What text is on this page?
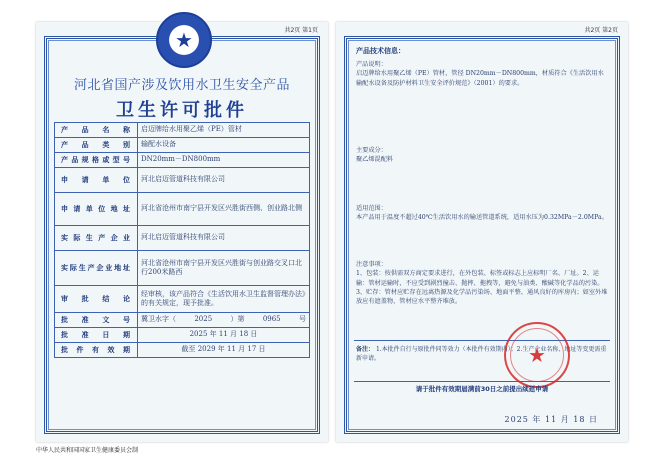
共2页 第1页
★
河北省国产涉及饮用水卫生安全产品
卫生许可批件
产 品 名 称	启迈牌给水用聚乙烯（PE）管材
产 品 类 别	输配水设备
产品规格或型号	DN20mm－DN800mm
申 请 单 位	河北启迈管道科技有限公司
申请单位地址	河北省沧州市南宁县开发区兴胜街西侧、创业路北侧
实际生产企业	河北启迈管道科技有限公司
实际生产企业地址	河北省沧州市南宁县开发区兴胜街与创业路交叉口北行200米路西
审 批 结 论	经审核，该产品符合《生活饮用水卫生监督管理办法》的有关规定，现予批准。
批 准 文 号	冀卫水字（ 2025 ）第 0965 号

批 准 日 期	2025 年 11 月 18 日
批 件 有 效 期	截至 2029 年 11 月 17 日
共2页 第2页
产品技术信息：
产品说明：
启迈牌给水用聚乙烯（PE）管材，管径 DN20mm－DN800mm，材质符合《生活饮用水输配水设备及防护材料卫生安全评价规范》（2001）的要求。
主要成分：
聚乙烯混配料
适用范围：
本产品用于温度不超过40℃生活饮用水的输送管道系统，适用水压为0.32MPa－2.0MPa。
注意事项：
1、包装：按供需双方商定要求进行，在外包装、标签或标志上应标明厂名、厂址。2、运输：管材运输时，不应受到剧烈撞击、抛摔、拖拽等，避免与油类、酸碱等化学品的污染。3、贮存：管材应贮存在远离热源及化学品污染场、地面平整、通风良好的库房内；如室外堆放应有遮盖物，管材应水平整齐堆放。
备注： 1.本批件自行与原批件同等效力（本批件有效期内）；2.生产企业名称、地址等变更需重新申请。	★
请于批件有效期届满前30日之前提出续延申请
2025 年 11 月 18 日
中华人民共和国国家卫生健康委员会制
